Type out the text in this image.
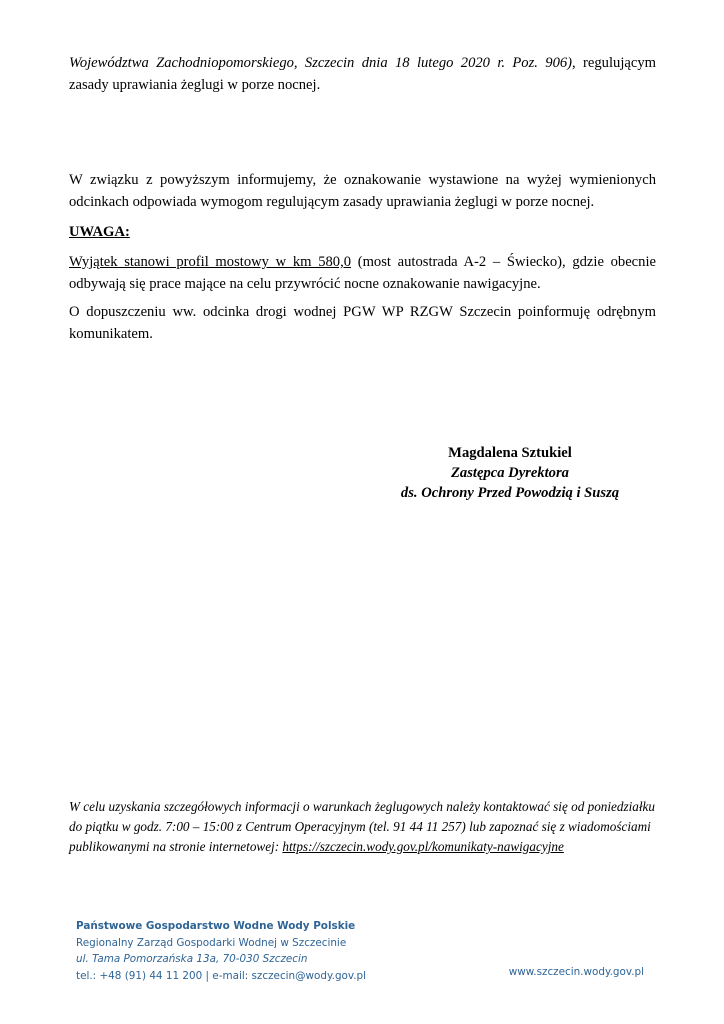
Województwa Zachodniopomorskiego, Szczecin dnia 18 lutego 2020 r. Poz. 906), regulującym
zasady uprawiania żeglugi w porze nocnej.
W związku z powyższym informujemy, że oznakowanie wystawione na wyżej wymienionych
odcinkach odpowiada wymogom regulującym zasady uprawiania żeglugi w porze nocnej.
UWAGA:
Wyjątek stanowi profil mostowy w km 580,0 (most autostrada A-2 – Świecko), gdzie obecnie
odbywają się prace mające na celu przywrócić nocne oznakowanie nawigacyjne.
O dopuszczeniu ww. odcinka drogi wodnej PGW WP RZGW Szczecin poinformuję odrębnym
komunikatem.
Magdalena Sztukiel
Zastępca Dyrektora
ds. Ochrony Przed Powodzią i Suszą
W celu uzyskania szczegółowych informacji o warunkach żeglugowych należy kontaktować się od poniedziałku
do piątku w godz. 7:00 – 15:00 z Centrum Operacyjnym (tel. 91 44 11 257) lub zapoznać się z wiadomościami
publikowanymi na stronie internetowej: https://szczecin.wody.gov.pl/komunikaty-nawigacyjne
Państwowe Gospodarstwo Wodne Wody Polskie
Regionalny Zarząd Gospodarki Wodnej w Szczecinie
ul. Tama Pomorzańska 13a, 70-030 Szczecin
tel.: +48 (91) 44 11 200 | e-mail: szczecin@wody.gov.pl	www.szczecin.wody.gov.pl
